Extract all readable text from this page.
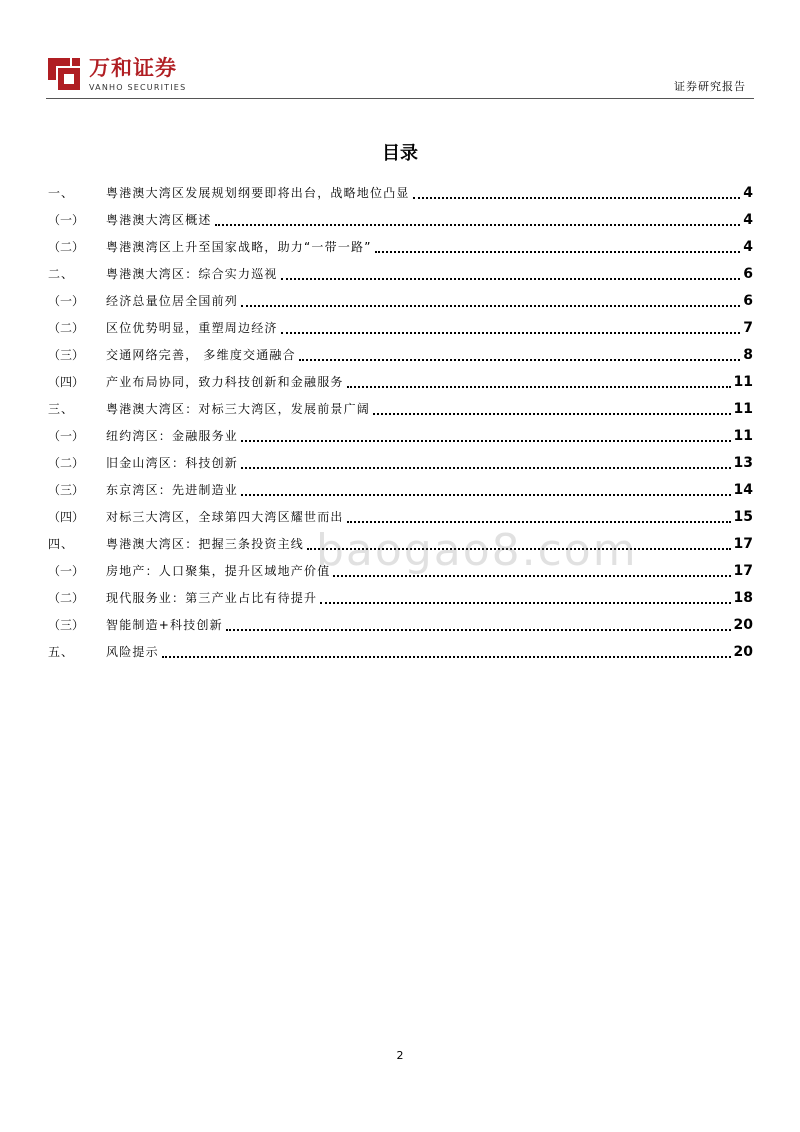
万和证券
VANHO SECURITIES	证券研究报告
目录
一、	粤港澳大湾区发展规划纲要即将出台，战略地位凸显	4
（一）	粤港澳大湾区概述	4
（二）	粤港澳湾区上升至国家战略，助力“一带一路”	4
二、	粤港澳大湾区：综合实力巡视	6
（一）	经济总量位居全国前列	6
（二）	区位优势明显，重塑周边经济	7
（三）	交通网络完善， 多维度交通融合	8
（四）	产业布局协同，致力科技创新和金融服务	11
三、	粤港澳大湾区：对标三大湾区，发展前景广阔	11
（一）	纽约湾区：金融服务业	11
（二）	旧金山湾区：科技创新	13
（三）	东京湾区：先进制造业	14
（四）	对标三大湾区，全球第四大湾区耀世而出	15
四、	粤港澳大湾区：把握三条投资主线	17
（一）	房地产：人口聚集，提升区域地产价值	17
（二）	现代服务业：第三产业占比有待提升	18
（三）	智能制造+科技创新	20
五、	风险提示	20
baogao8.com
2
